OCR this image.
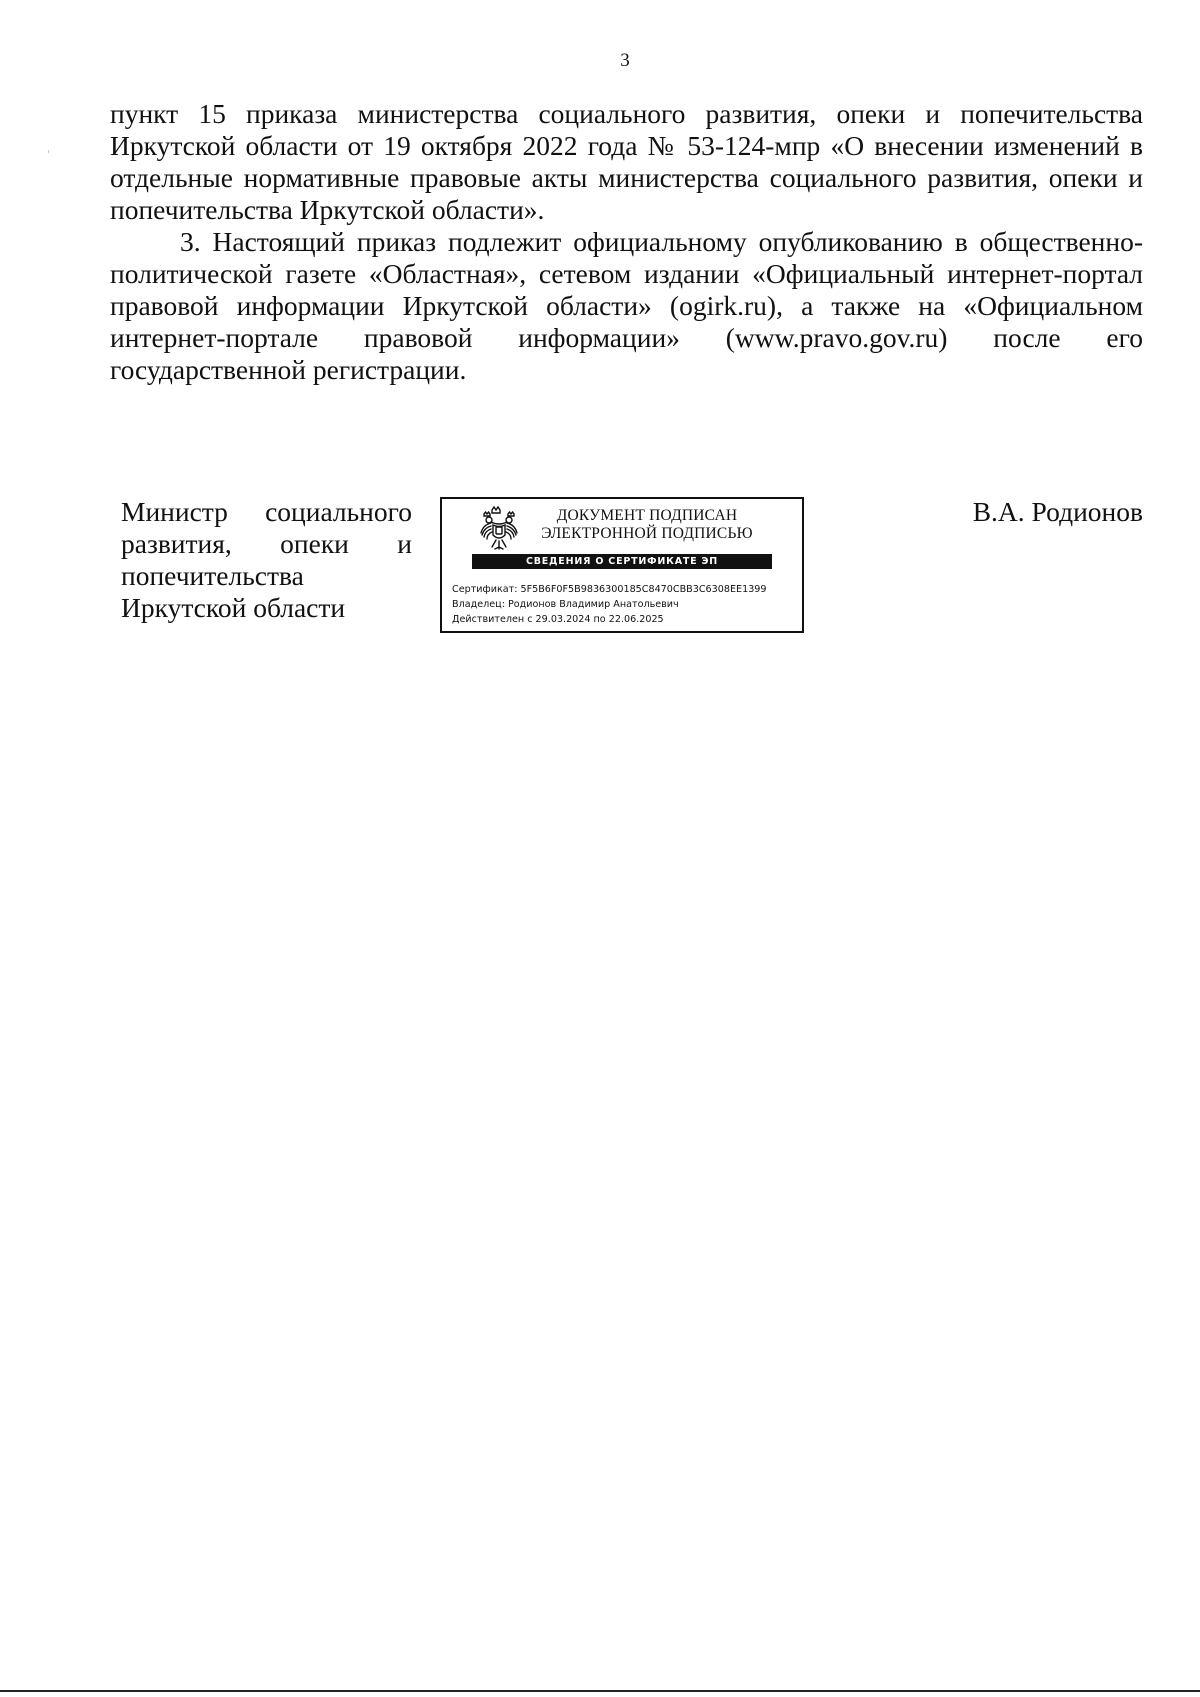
3

пункт 15 приказа министерства социального развития, опеки и попечительства Иркутской области от 19 октября 2022 года № 53-124-мпр «О внесении изменений в отдельные нормативные правовые акты министерства социального развития, опеки и попечительства Иркутской области».

3. Настоящий приказ подлежит официальному опубликованию в общественно-политической газете «Областная», сетевом издании «Официальный интернет-портал правовой информации Иркутской области» (ogirk.ru), а также на «Официальном интернет-портале правовой информации» (www.pravo.gov.ru) после его государственной регистрации.

Министр социального
развития, опеки и
попечительства
Иркутской области
ДОКУМЕНТ ПОДПИСАН
ЭЛЕКТРОННОЙ ПОДПИСЬЮ
СВЕДЕНИЯ О СЕРТИФИКАТЕ ЭП
Сертификат: 5F5B6F0F5B9836300185C8470CBB3C6308EE1399
Владелец: Родионов Владимир Анатольевич
Действителен с 29.03.2024 по 22.06.2025
В.А. Родионов
